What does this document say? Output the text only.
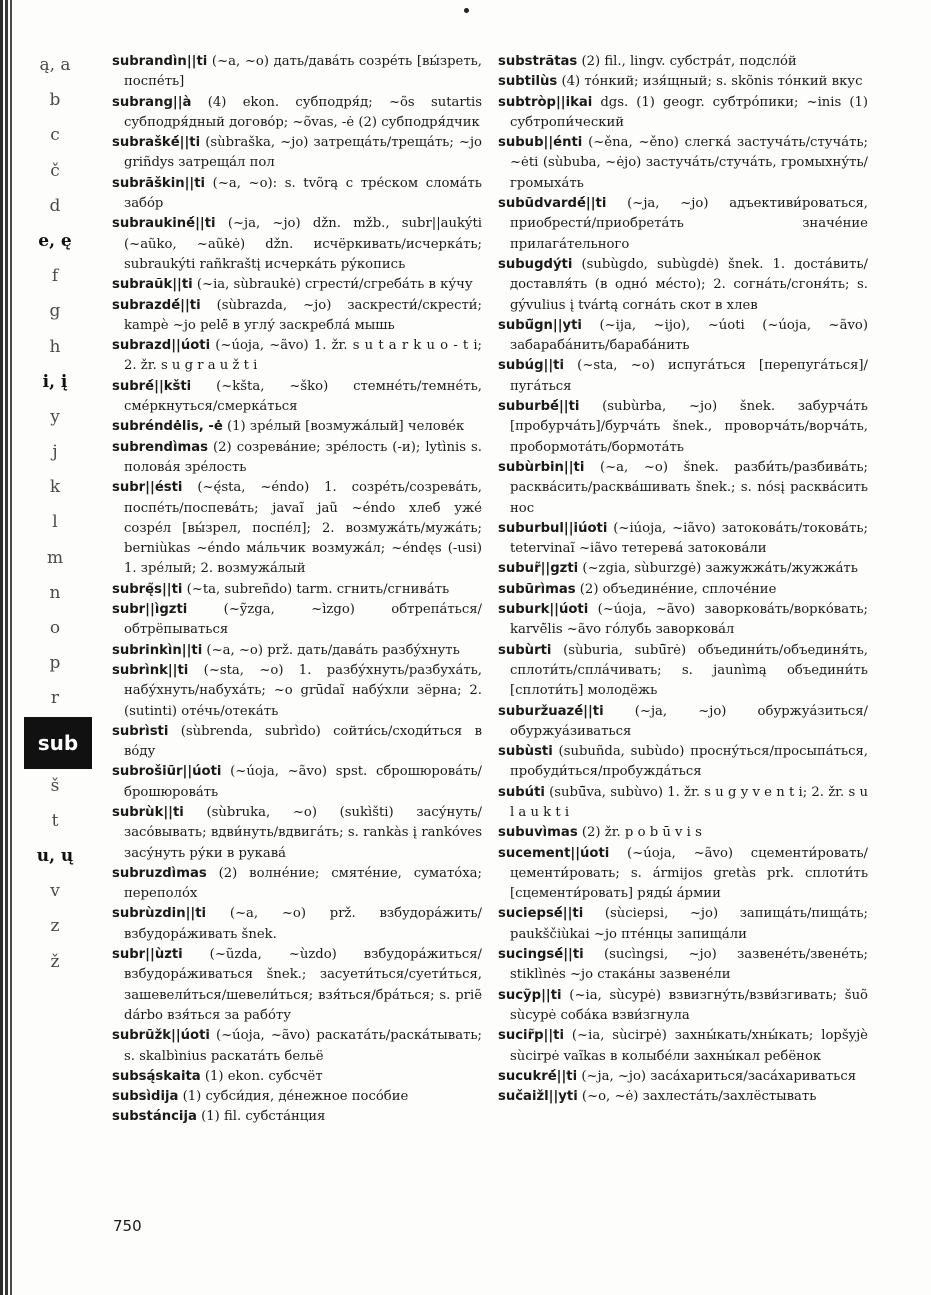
ą, a
b
c
č
d
e, ę
f
g
h
i, į
y
j
k
l
m
n
o
p
r
sub
š
t
u, ų
v
z
ž
subrandìn||ti (~a, ~o) дать/давáть созрéть [вы́зреть, поспéть]
subrang||à (4) ekon. субподря́д; ~õs sutartis субподря́дный договóр; ~õvas, -ė (2) субподря́дчик
subraškė́||ti (sùbraška, ~jo) затрещáть/трещáть; ~jo griñdys затрещáл пол
subrāškin||ti (~a, ~o): s. tvõrą с тре́ском сломáть забóр
subraukinė́||ti (~ja, ~jo) džn. mžb., subr||aukýti (~aũko, ~aũkė) džn. исчёркивать/исчеркáть; subraukýti rañkraštį исчеркáть ру́копись
subraũk||ti (~ia, sùbraukė) сгрести́/сгребáть в ку́чу
subrazdė́||ti (sùbrazda, ~jo) заскрести́/скрести́; kampè ~jo pelė̃ в углу́ заскреблá мышь
subrazd||úoti (~úoja, ~ãvo) 1. žr. s u t a r k u o - t i; 2. žr. s u g r a u ž t i
subrė́||kšti (~kšta, ~ško) стемнéть/темнéть, смéркнуться/смеркáться
subréndėlis, -ė (1) зрéлый [возмужáлый] человéк
subrendìmas (2) созревáние; зрéлость (-и); lytìnis s. половáя зрéлость
subr||ésti (~ę́sta, ~éndo) 1. созрéть/созревáть, поспéть/поспевáть; javaĩ jaũ ~éndo хлеб ужé созрéл [вы́зрел, поспéл]; 2. возмужáть/мужáть; berniùkas ~éndo мáльчик возмужáл; ~éndęs (-usi) 1. зрéлый; 2. возмужáлый
subrę̃s||ti (~ta, subreñdo) tarm. сгнить/сгнивáть
subr||ìgzti (~ỹzga, ~ìzgo) обтрепáться/обтрёпываться
subrinkìn||ti (~a, ~o) prž. дать/давáть разбу́хнуть
subrìnk||ti (~sta, ~o) 1. разбу́хнуть/разбухáть, набу́хнуть/набухáть; ~o grūdaĩ набу́хли зёрна; 2. (sutinti) отéчь/отекáть
subrìsti (sùbrenda, subrìdo) сойти́сь/сходи́ться в вóду
subrošiūr||úoti (~úoja, ~ãvo) spst. сброшюровáть/брошюровáть
subrùk||ti (sùbruka, ~o) (sukìšti) засу́нуть/засóвывать; вдви́нуть/вдвигáть; s. rankàs į rankóves засу́нуть ру́ки в рукавá
subruzdìmas (2) волнéние; смятéние, суматóха; переполóх
subrùzdin||ti (~a, ~o) prž. взбудорáжить/взбудорáживать šnek.
subr||ùzti (~ũzda, ~ùzdo) взбудорáжиться/взбудорáживаться šnek.; засуети́ться/суети́ться, зашевели́ться/шевели́ться; взя́ться/брáться; s. priẽ dárbo взя́ться за рабóту
subrūžk||úoti (~úoja, ~ãvo) раскатáть/раскáтывать; s. skalbìnius раскатáть бельё
subsą́skaita (1) ekon. субсчёт
subsìdija (1) субси́дия, дéнежное посóбие
substáncija (1) fil. субстáнция
substrãtas (2) fil., lingv. субстрáт, подслóй
subtilùs (4) тóнкий; изя́щный; s. skõnis тóнкий вкус
subtròp||ikai dgs. (1) geogr. субтрóпики; ~inis (1) субтропи́ческий
subub||énti (~ěna, ~ěno) слегкá застучáть/стучáть; ~ėti (sùbuba, ~ėjo) застучáть/стучáть, громыхну́ть/громыхáть
subūdvardė́||ti (~ja, ~jo) адъективи́роваться, приобрести́/приобретáть значéние прилагáтельного
subugdýti (subùgdo, subùgdė) šnek. 1. достáвить/доставля́ть (в однó мéсто); 2. согнáть/сгоня́ть; s. gývulius į tvártą согнáть скот в хлев
subū̃gn||yti (~ija, ~ijo), ~úoti (~úoja, ~ãvo) забарабáнить/барабáнить
subúg||ti (~sta, ~o) испугáться [перепугáться]/пугáться
suburbė́||ti (subùrba, ~jo) šnek. забурчáть [пробурчáть]/бурчáть šnek., проворчáть/ворчáть, пробормотáть/бормотáть
subùrbin||ti (~a, ~o) šnek. разби́ть/разбивáть; расквáсить/расквáшивать šnek.; s. nósį расквáсить нос
suburbul||iúoti (~iúoja, ~iãvo) затоковáть/токовáть; tetervinaĩ ~iãvo тетеревá затоковáли
subur̃||gzti (~zgia, sùburzgė) зажужжáть/жужжáть
subūrìmas (2) объединéние, сплочéние
suburk||úoti (~úoja, ~ãvo) заворковáть/воркóвать; karvė̃lis ~ãvo гóлубь заворковáл
subùrti (sùburia, subū̃rė) объедини́ть/объединя́ть, сплоти́ть/сплáчивать; s. jaunìmą объедини́ть [сплоти́ть] молодёжь
suburžuazė́||ti (~ja, ~jo) обуржуáзиться/обуржуáзиваться
subùsti (subuñda, subùdo) просну́ться/просыпáться, пробуди́ться/пробуждáться
subúti (subū̃va, subùvo) 1. žr. s u g y v e n t i; 2. žr. s u l a u k t i
subuvìmas (2) žr. p o b ū v i s
sucement||úoti (~úoja, ~ãvo) сцементи́ровать/цементи́ровать; s. ármijos gretàs prk. сплоти́ть [сцементи́ровать] ряды́ áрмии
suciepsė́||ti (sùciepsi, ~jo) запищáть/пищáть; paukščiùkai ~jo птéнцы запищáли
sucingsė́||ti (sucìngsi, ~jo) зазвенéть/звенéть; stiklìnės ~jo стакáны зазвенéли
sucỹp||ti (~ia, sùcypė) взвизгну́ть/взви́згивать; šuõ sùcypė собáка взви́згнула
sucir̃p||ti (~ia, sùcirpė) захны́кать/хны́кать; lopšyjè sùcirpė vaĩkas в колыбéли захны́кал ребёнок
sucukrė́||ti (~ja, ~jo) засáхариться/засáхариваться
sučaižl||yti (~o, ~ė) захлестáть/захлёстывать
750
